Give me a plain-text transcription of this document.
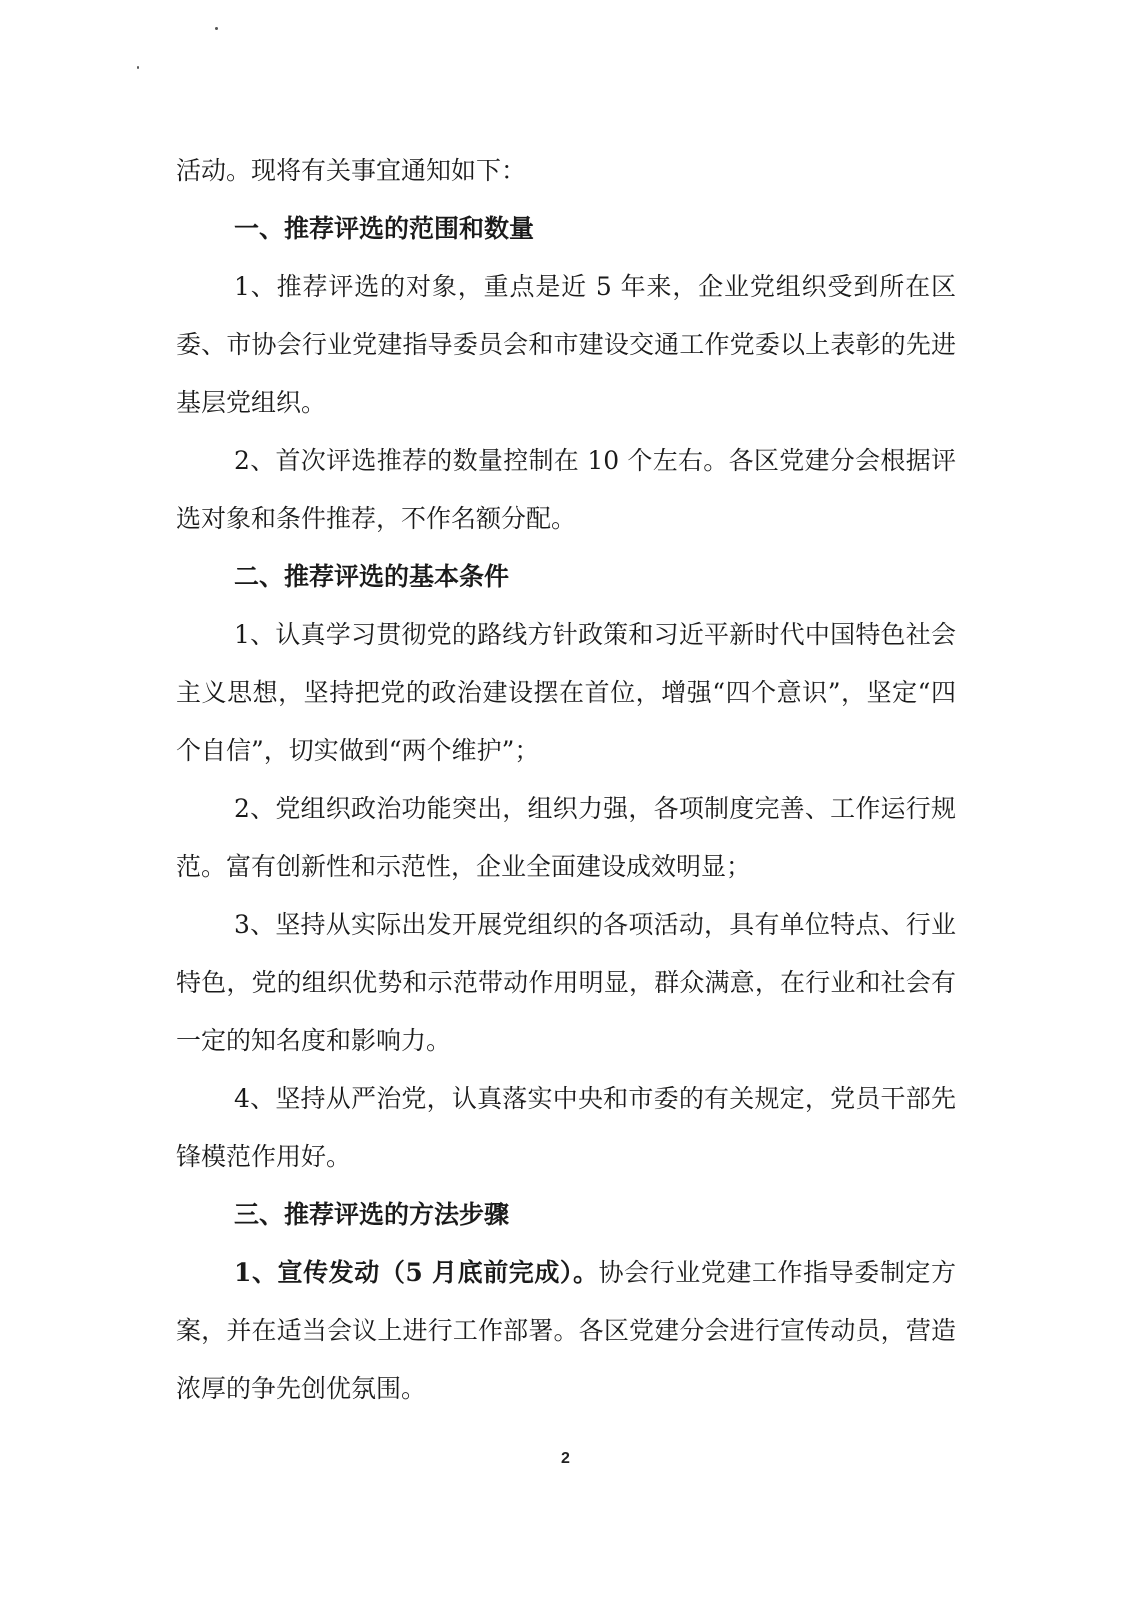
活动。现将有关事宜通知如下：

一、推荐评选的范围和数量

1、推荐评选的对象，重点是近 5 年来，企业党组织受到所在区委、市协会行业党建指导委员会和市建设交通工作党委以上表彰的先进基层党组织。

2、首次评选推荐的数量控制在 10 个左右。各区党建分会根据评选对象和条件推荐，不作名额分配。

二、推荐评选的基本条件

1、认真学习贯彻党的路线方针政策和习近平新时代中国特色社会主义思想，坚持把党的政治建设摆在首位，增强“四个意识”，坚定“四个自信”，切实做到“两个维护”；

2、党组织政治功能突出，组织力强，各项制度完善、工作运行规范。富有创新性和示范性，企业全面建设成效明显；

3、坚持从实际出发开展党组织的各项活动，具有单位特点、行业特色，党的组织优势和示范带动作用明显，群众满意，在行业和社会有一定的知名度和影响力。

4、坚持从严治党，认真落实中央和市委的有关规定，党员干部先锋模范作用好。

三、推荐评选的方法步骤

1、宣传发动（5 月底前完成）。协会行业党建工作指导委制定方案，并在适当会议上进行工作部署。各区党建分会进行宣传动员，营造浓厚的争先创优氛围。

2
